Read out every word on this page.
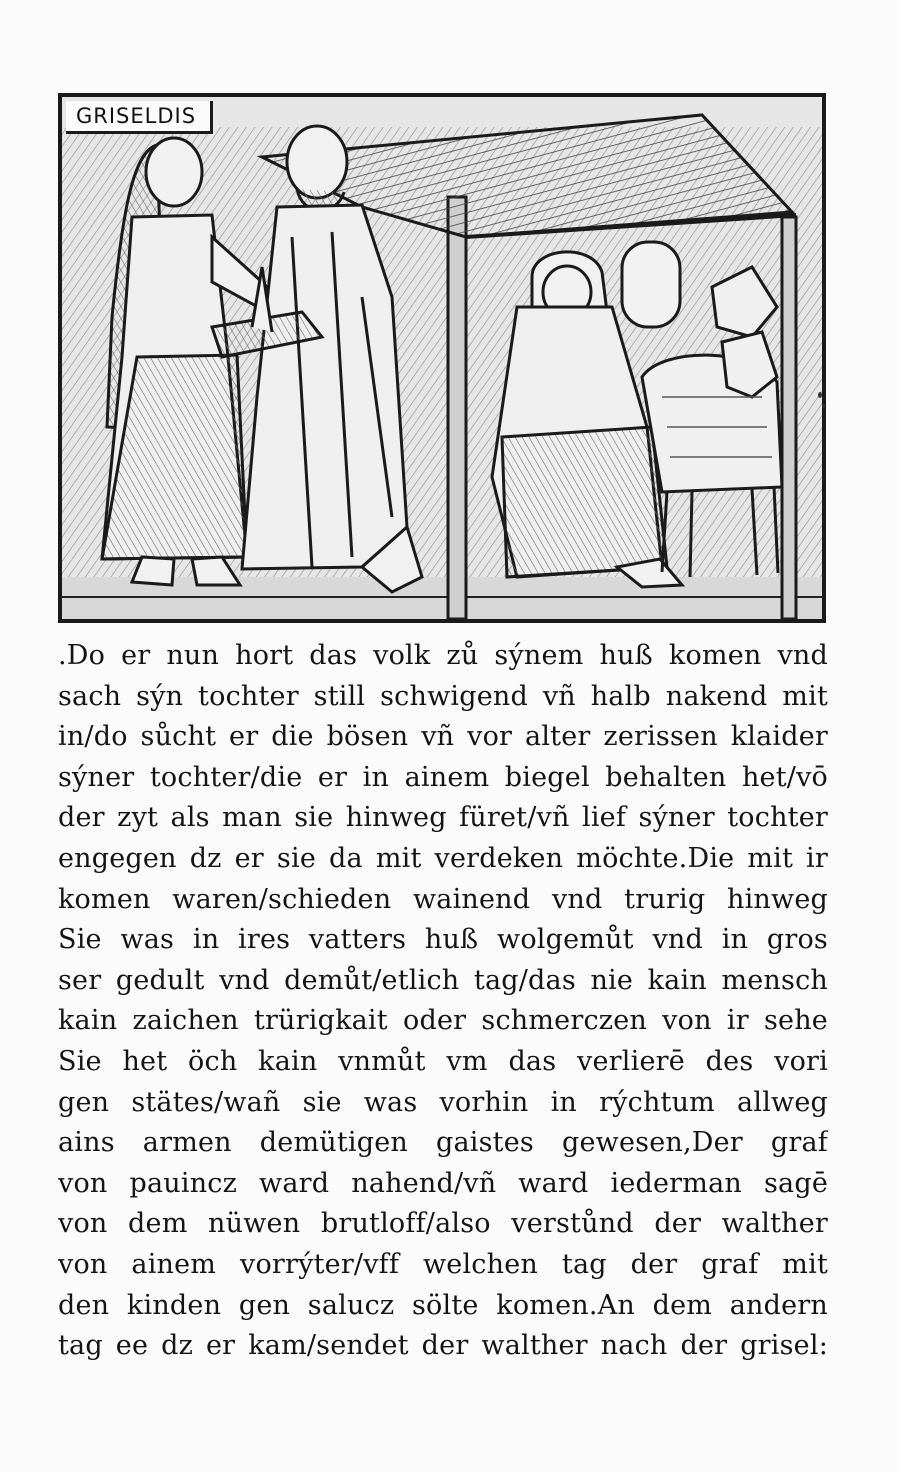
GRISELDIS
.Do er nun hort das volk zů sýnem huß komen vnd
sach sýn tochter still schwigend vñ halb nakend mit
in/do sůcht er die bösen vñ vor alter zerissen klaider
sýner tochter/die er in ainem biegel behalten het/vō
der zyt als man sie hinweg füret/vñ lief sýner tochter
engegen dz er sie da mit verdeken möchte.Die mit ir
komen waren/schieden wainend vnd trurig hinweg
Sie was in ires vatters huß wolgemůt vnd in gros
ser gedult vnd demůt/etlich tag/das nie kain mensch
kain zaichen trürigkait oder schmerczen von ir sehe
Sie het öch kain vnmůt vm das verlierē des vori
gen stätes/wañ sie was vorhin in rýchtum allweg
ains armen demütigen gaistes gewesen,Der graf
von pauincz ward nahend/vñ ward iederman sagē
von dem nüwen brutloff/also verstůnd der walther
von ainem vorrýter/vff welchen tag der graf mit
den kinden gen salucz sölte komen.An dem andern
tag ee dz er kam/sendet der walther nach der grisel:
